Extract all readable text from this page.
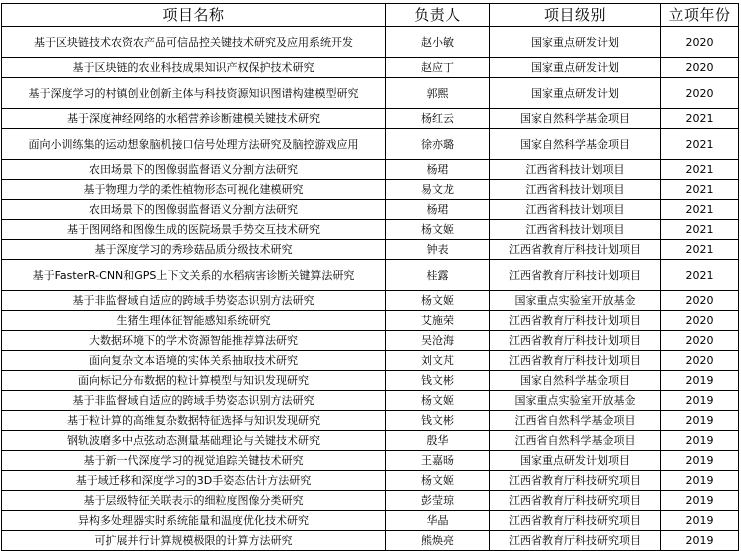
项目名称	负责人	项目级别	立项年份
基于区块链技术农资农产品可信品控关键技术研究及应用系统开发	赵小敏	国家重点研发计划	2020
基于区块链的农业科技成果知识产权保护技术研究	赵应丁	国家重点研发计划	2020
基于深度学习的村镇创业创新主体与科技资源知识图谱构建模型研究	郭熙	国家重点研发计划	2020
基于深度神经网络的水稻营养诊断建模关键技术研究	杨红云	国家自然科学基金项目	2021
面向小训练集的运动想象脑机接口信号处理方法研究及脑控游戏应用	徐亦璐	国家自然科学基金项目	2021
农田场景下的图像弱监督语义分割方法研究	杨珺	江西省科技计划项目	2021
基于物理力学的柔性植物形态可视化建模研究	易文龙	江西省科技计划项目	2021
农田场景下的图像弱监督语义分割方法研究	杨珺	江西省科技计划项目	2021
基于图网络和图像生成的医院场景手势交互技术研究	杨文姬	江西省科技计划项目	2021
基于深度学习的秀珍菇品质分级技术研究	钟表	江西省教育厅科技计划项目	2021
基于FasterR-CNN和GPS上下文关系的水稻病害诊断关键算法研究	桂露	江西省教育厅科技计划项目	2021
基于非监督域自适应的跨域手势姿态识别方法研究	杨文姬	国家重点实验室开放基金	2020
生猪生理体征智能感知系统研究	艾施荣	江西省教育厅科技计划项目	2020
大数据环境下的学术资源智能推荐算法研究	吴沧海	江西省教育厅科技计划项目	2020
面向复杂文本语境的实体关系抽取技术研究	刘文芃	江西省教育厅科技计划项目	2020
面向标记分布数据的粒计算模型与知识发现研究	钱文彬	国家自然科学基金项目	2019
基于非监督域自适应的跨域手势姿态识别方法研究	杨文姬	国家重点实验室开放基金	2019
基于粒计算的高维复杂数据特征选择与知识发现研究	钱文彬	江西省自然科学基金项目	2019
钢轨波磨多中点弦动态测量基础理论与关键技术研究	殷华	江西省自然科学基金项目	2019
基于新一代深度学习的视觉追踪关键技术研究	王嘉旸	国家重点研发计划项目	2019
基于域迁移和深度学习的3D手姿态估计方法研究	杨文姬	江西省教育厅科技研究项目	2019
基于层级特征关联表示的细粒度图像分类研究	彭莹琼	江西省教育厅科技研究项目	2019
异构多处理器实时系统能量和温度优化技术研究	华晶	江西省教育厅科技研究项目	2019
可扩展并行计算规模极限的计算方法研究	熊焕亮	江西省教育厅科技研究项目	2019
